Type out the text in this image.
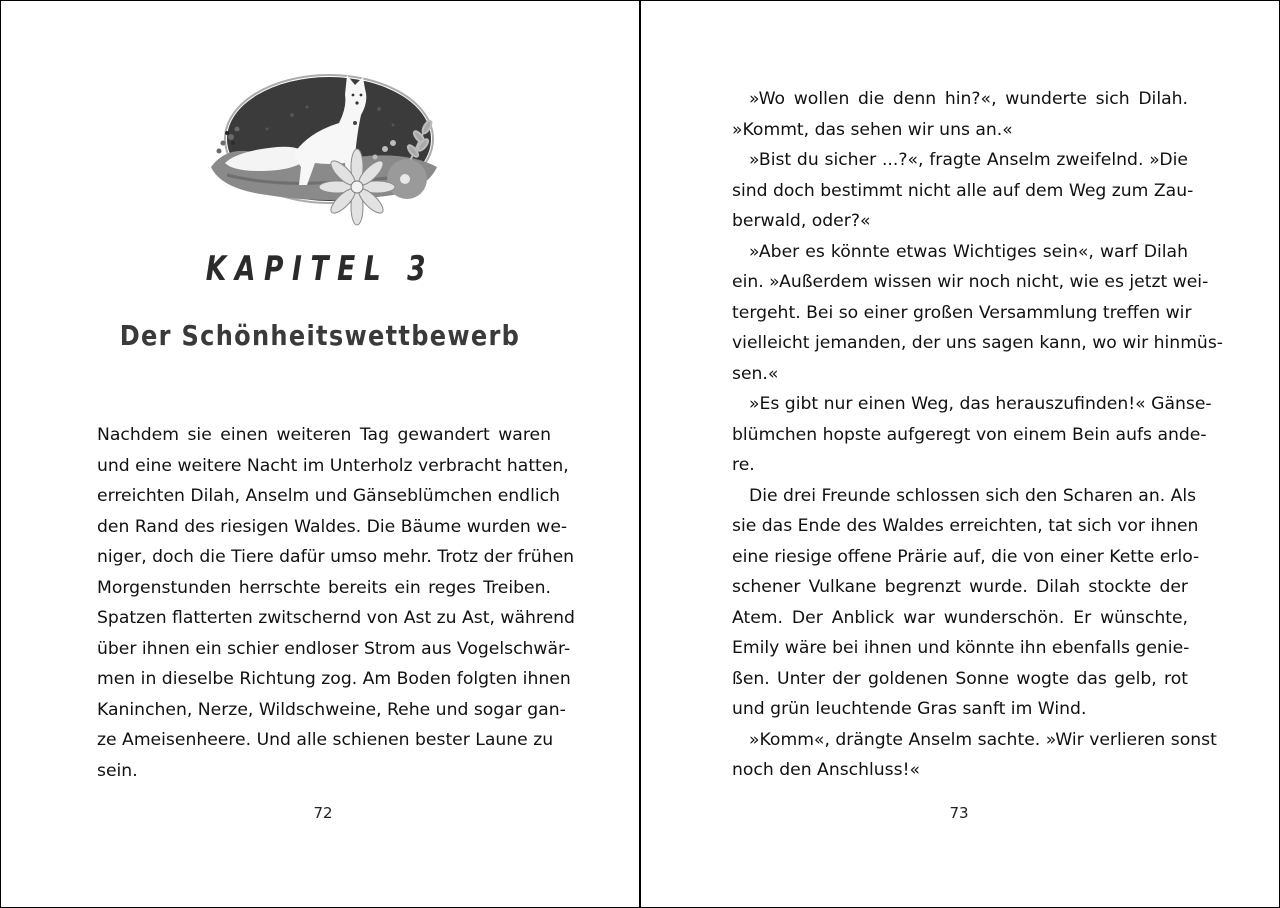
KAPITEL 3
Der Schönheitswettbewerb
Nachdem sie einen weiteren Tag gewandert waren
und eine weitere Nacht im Unterholz verbracht hatten,
erreichten Dilah, Anselm und Gänseblümchen endlich
den Rand des riesigen Waldes. Die Bäume wurden we-
niger, doch die Tiere dafür umso mehr. Trotz der frühen
Morgenstunden herrschte bereits ein reges Treiben.
Spatzen flatterten zwitschernd von Ast zu Ast, während
über ihnen ein schier endloser Strom aus Vogelschwär-
men in dieselbe Richtung zog. Am Boden folgten ihnen
Kaninchen, Nerze, Wildschweine, Rehe und sogar gan-
ze Ameisenheere. Und alle schienen bester Laune zu
sein.
72
»Wo wollen die denn hin?«, wunderte sich Dilah.
»Kommt, das sehen wir uns an.«
»Bist du sicher ...?«, fragte Anselm zweifelnd. »Die
sind doch bestimmt nicht alle auf dem Weg zum Zau-
berwald, oder?«
»Aber es könnte etwas Wichtiges sein«, warf Dilah
ein. »Außerdem wissen wir noch nicht, wie es jetzt wei-
tergeht. Bei so einer großen Versammlung treffen wir
vielleicht jemanden, der uns sagen kann, wo wir hinmüs-
sen.«
»Es gibt nur einen Weg, das herauszufinden!« Gänse-
blümchen hopste aufgeregt von einem Bein aufs ande-
re.
Die drei Freunde schlossen sich den Scharen an. Als
sie das Ende des Waldes erreichten, tat sich vor ihnen
eine riesige offene Prärie auf, die von einer Kette erlo-
schener Vulkane begrenzt wurde. Dilah stockte der
Atem. Der Anblick war wunderschön. Er wünschte,
Emily wäre bei ihnen und könnte ihn ebenfalls genie-
ßen. Unter der goldenen Sonne wogte das gelb, rot
und grün leuchtende Gras sanft im Wind.
»Komm«, drängte Anselm sachte. »Wir verlieren sonst
noch den Anschluss!«
73
